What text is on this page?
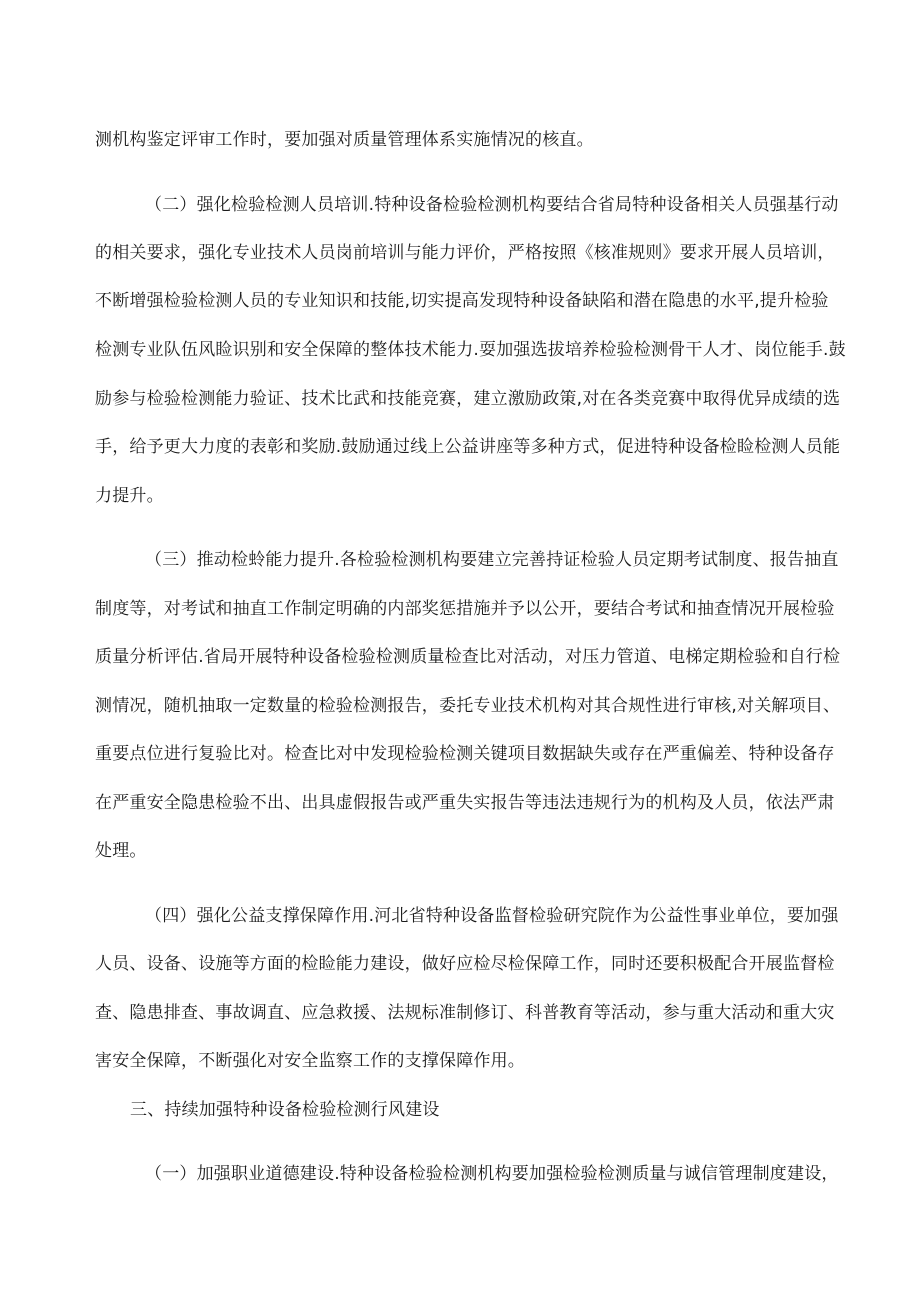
测机构鉴定评审工作时，要加强对质量管理体系实施情况的核直。
（二）强化检验检测人员培训.特种设备检验检测机构要结合省局特种设备相关人员强基行动
的相关要求，强化专业技术人员岗前培训与能力评价，严格按照《核准规则》要求开展人员培训，
不断增强检验检测人员的专业知识和技能,切实提高发现特种设备缺陷和潜在隐患的水平,提升检验
检测专业队伍风睑识别和安全保障的整体技术能力.耍加强选拔培养检验检测骨干人才、岗位能手.鼓
励参与检验检测能力验证、技术比武和技能竞赛，建立激励政策,对在各类竞赛中取得优异成绩的选
手，给予更大力度的表彰和奖励.鼓励通过线上公益讲座等多种方式，促进特种设备检睑检测人员能
力提升。
（三）推动检蛉能力提升.各检验检测机构要建立完善持证检验人员定期考试制度、报告抽直
制度等，对考试和抽直工作制定明确的内部奖惩措施并予以公开，要结合考试和抽查情况开展检验
质量分析评估.省局开展特种设备检验检测质量检查比对活动，对压力管道、电梯定期检验和自行检
测情况，随机抽取一定数量的检验检测报告，委托专业技术机构对其合规性进行审核,对关解项目、
重要点位进行复验比对。检查比对中发现检验检测关键项目数据缺失或存在严重偏差、特种设备存
在严重安全隐患检验不出、出具虚假报告或严重失实报告等违法违规行为的机构及人员，依法严肃
处理。
（四）强化公益支撑保障作用.河北省特种设备监督检验研究院作为公益性事业单位，要加强
人员、设备、设施等方面的检睑能力建设，做好应检尽检保障工作，同时还要积极配合开展监督检
查、隐患排查、事故调直、应急救援、法规标准制修订、科普教育等活动，参与重大活动和重大灾
害安全保障，不断强化对安全监察工作的支撑保障作用。
三、持续加强特种设备检验检测行风建设
（一）加强职业道德建设.特种设备检验检测机构要加强检验检测质量与诚信管理制度建设，
